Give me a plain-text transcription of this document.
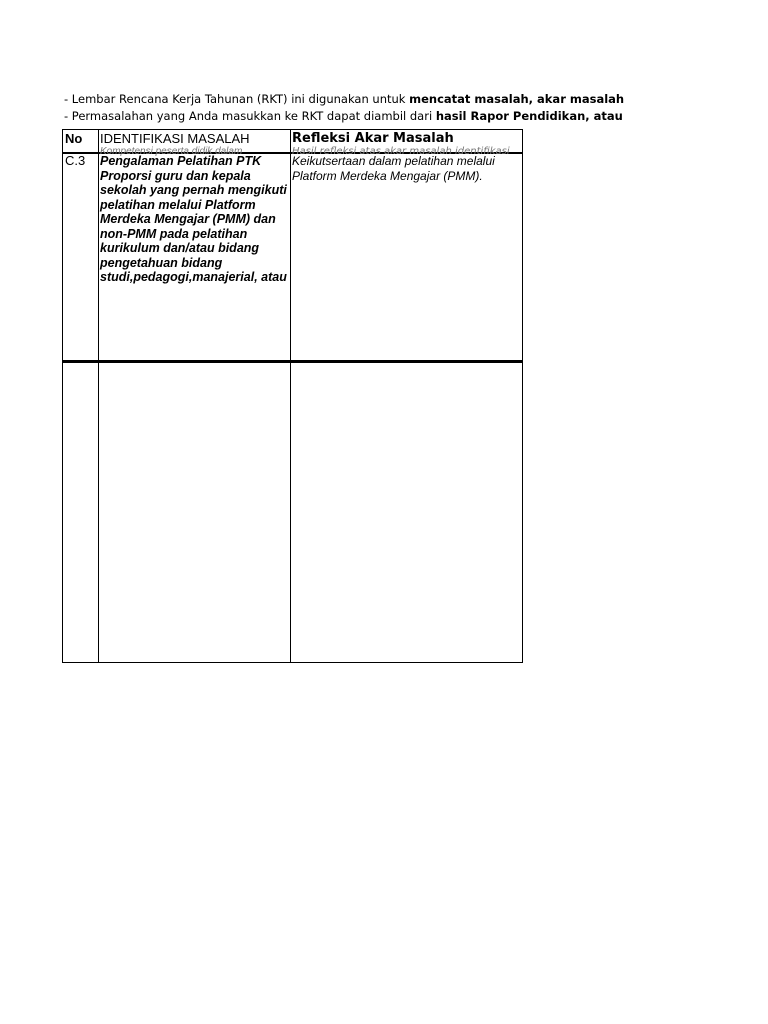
- Lembar Rencana Kerja Tahunan (RKT) ini digunakan untuk mencatat masalah, akar masalah
- Permasalahan yang Anda masukkan ke RKT dapat diambil dari hasil Rapor Pendidikan, atau
No	IDENTIFIKASI MASALAH
Kompetensi peserta didik dalam
Refleksi Akar Masalah
Hasil refleksi atas akar masalah identifikasi
C.3 Pengalaman Pelatihan PTK Proporsi guru dan kepala sekolah yang pernah mengikuti pelatihan melalui Platform Merdeka Mengajar (PMM) dan non-PMM pada pelatihan kurikulum dan/atau bidang pengetahuan bidang studi,pedagogi,manajerial, atau
Keikutsertaan dalam pelatihan melalui Platform Merdeka Mengajar (PMM).
